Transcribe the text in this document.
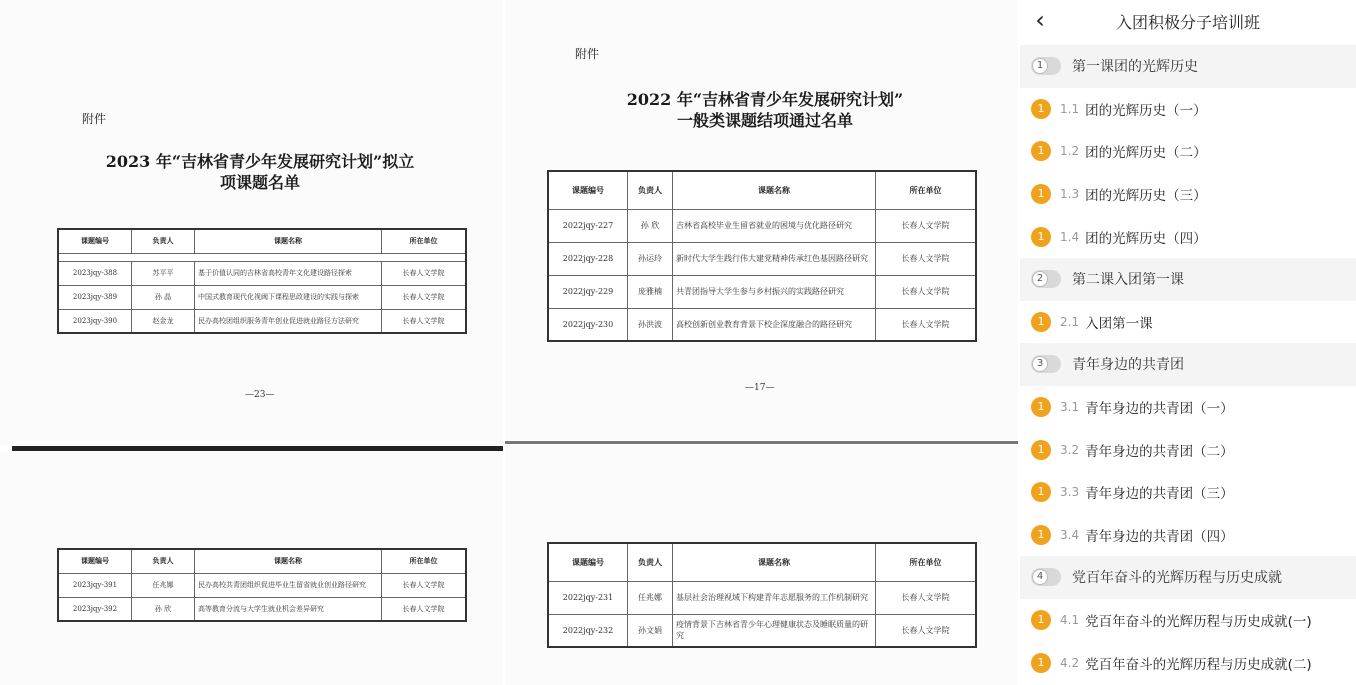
附件
2023 年“吉林省青少年发展研究计划”拟立
项课题名单
课题编号	负责人	课题名称	所在单位

2023jqy-388	苏平平	基于价值认同的吉林省高校青年文化建设路径探索	长春人文学院
2023jqy-389	孙 晶	中国式教育现代化视阈下课程思政建设的实践与探索	长春人文学院
2023jqy-390	赵金龙	民办高校团组织服务青年创业促进就业路径方法研究	长春人文学院
—23—
课题编号	负责人	课题名称	所在单位
2023jqy-391	任兆娜	民办高校共青团组织促进毕业生留省就业创业路径研究	长春人文学院
2023jqy-392	孙 欣	高等教育分流与大学生就业机会差异研究	长春人文学院
附件
2022 年“吉林省青少年发展研究计划”
一般类课题结项通过名单
课题编号	负责人	课题名称	所在单位
2022jqy-227	孙 欣	吉林省高校毕业生留省就业的困境与优化路径研究	长春人文学院
2022jqy-228	孙运玲	新时代大学生践行伟大建党精神传承红色基因路径研究	长春人文学院
2022jqy-229	庞雅楠	共青团指导大学生参与乡村振兴的实践路径研究	长春人文学院
2022jqy-230	孙洪波	高校创新创业教育背景下校企深度融合的路径研究	长春人文学院
—17—
课题编号	负责人	课题名称	所在单位
2022jqy-231	任兆娜	基层社会治理视域下构建青年志愿服务的工作机制研究	长春人文学院
2022jqy-232	孙文娟	疫情背景下吉林省青少年心理健康状态及睡眠质量的研究	长春人文学院
‹	入团积极分子培训班
1	第一课团的光辉历史
1	1.1 团的光辉历史（一）
1	1.2 团的光辉历史（二）
1	1.3 团的光辉历史（三）
1	1.4 团的光辉历史（四）
2	第二课入团第一课
1	2.1 入团第一课
3	青年身边的共青团
1	3.1 青年身边的共青团（一）
1	3.2 青年身边的共青团（二）
1	3.3 青年身边的共青团（三）
1	3.4 青年身边的共青团（四）
4	党百年奋斗的光辉历程与历史成就
1	4.1 党百年奋斗的光辉历程与历史成就(一)
1	4.2 党百年奋斗的光辉历程与历史成就(二)
